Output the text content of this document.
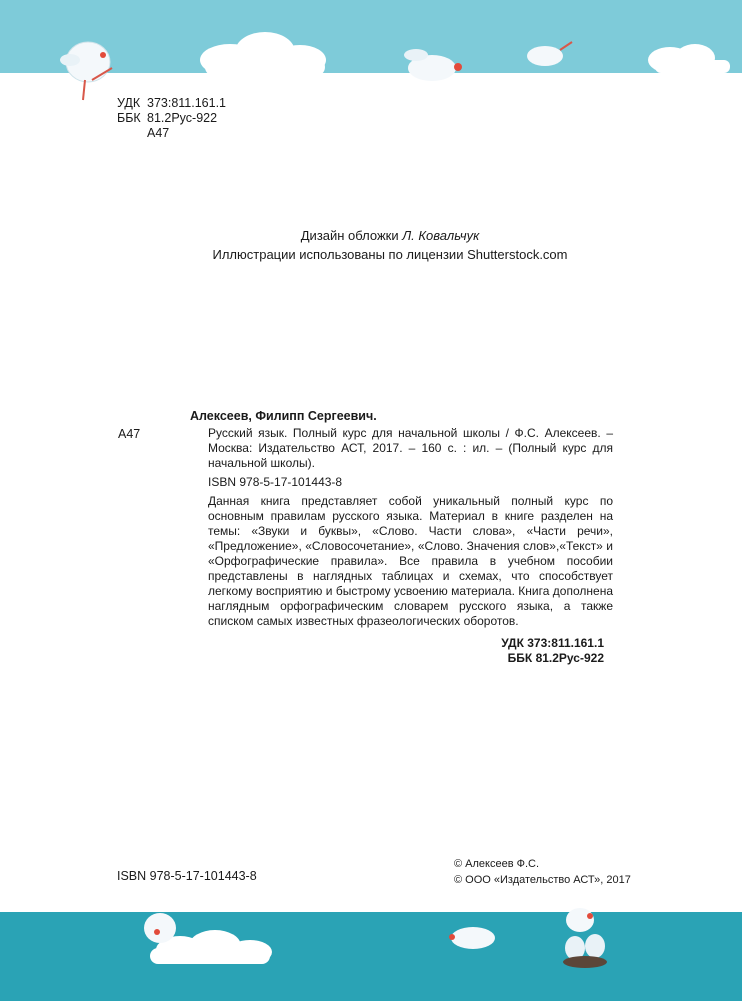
УДК 373:811.161.1
ББК 81.2Рус-922
А47
Дизайн обложки Л. Ковальчук
Иллюстрации использованы по лицензии Shutterstock.com
А47
Алексеев, Филипп Сергеевич.
Русский язык. Полный курс для начальной школы / Ф.С. Алексеев. – Москва: Издательство АСТ, 2017. – 160 с. : ил. – (Полный курс для начальной школы).
ISBN 978-5-17-101443-8
Данная книга представляет собой уникальный полный курс по основным правилам русского языка. Материал в книге разделен на темы: «Звуки и буквы», «Слово. Части слова», «Части речи», «Предложение», «Словосочетание», «Слово. Значения слов»,«Текст» и «Орфографические правила». Все правила в учебном пособии представлены в наглядных таблицах и схемах, что способствует легкому восприятию и быстрому усвоению материала. Книга дополнена наглядным орфографическим словарем русского языка, а также списком самых известных фразеологических оборотов.
УДК 373:811.161.1
ББК 81.2Рус-922
ISBN 978-5-17-101443-8
© Алексеев Ф.С.
© ООО «Издательство АСТ», 2017
